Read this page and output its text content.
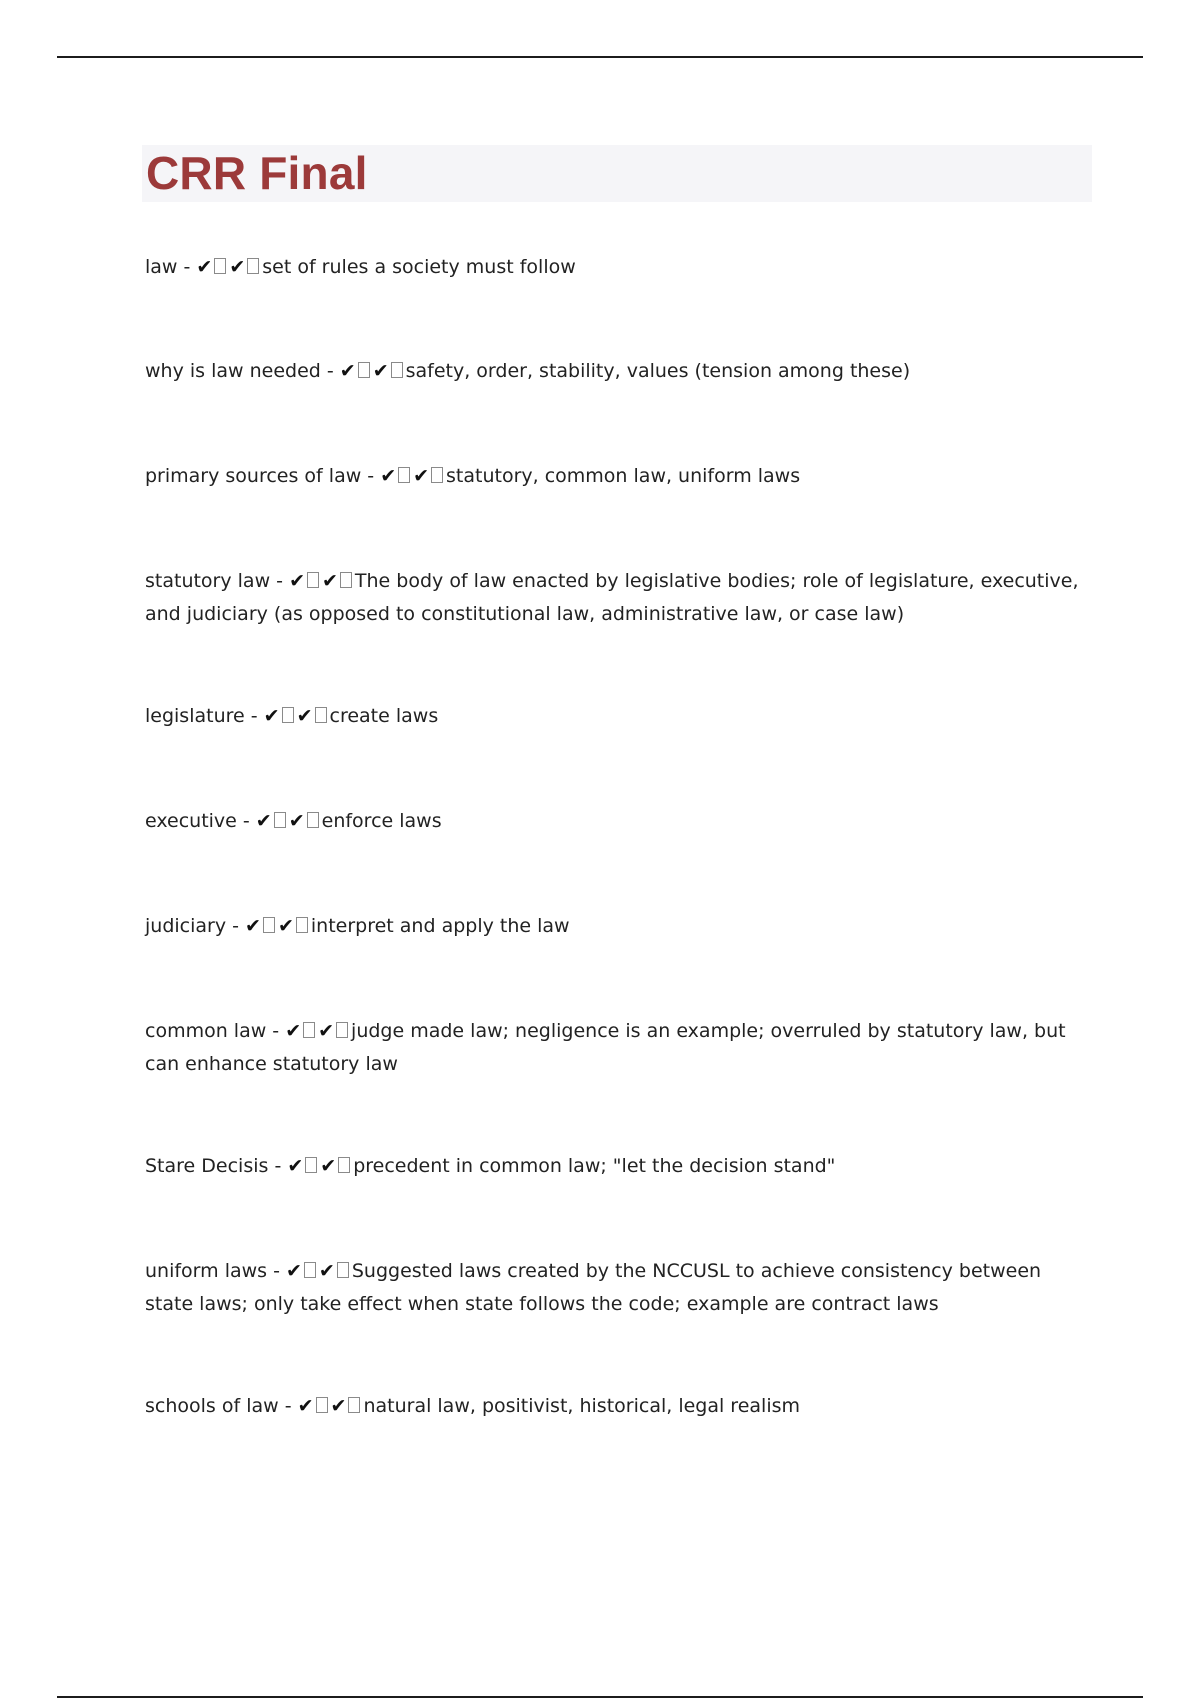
CRR Final

law - ✔ ✔ set of rules a society must follow

why is law needed - ✔ ✔ safety, order, stability, values (tension among these)

primary sources of law - ✔ ✔ statutory, common law, uniform laws

statutory law - ✔ ✔ The body of law enacted by legislative bodies; role of legislature, executive, and judiciary (as opposed to constitutional law, administrative law, or case law)

legislature - ✔ ✔ create laws

executive - ✔ ✔ enforce laws

judiciary - ✔ ✔ interpret and apply the law

common law - ✔ ✔ judge made law; negligence is an example; overruled by statutory law, but can enhance statutory law

Stare Decisis - ✔ ✔ precedent in common law; "let the decision stand"

uniform laws - ✔ ✔ Suggested laws created by the NCCUSL to achieve consistency between state laws; only take effect when state follows the code; example are contract laws

schools of law - ✔ ✔ natural law, positivist, historical, legal realism
